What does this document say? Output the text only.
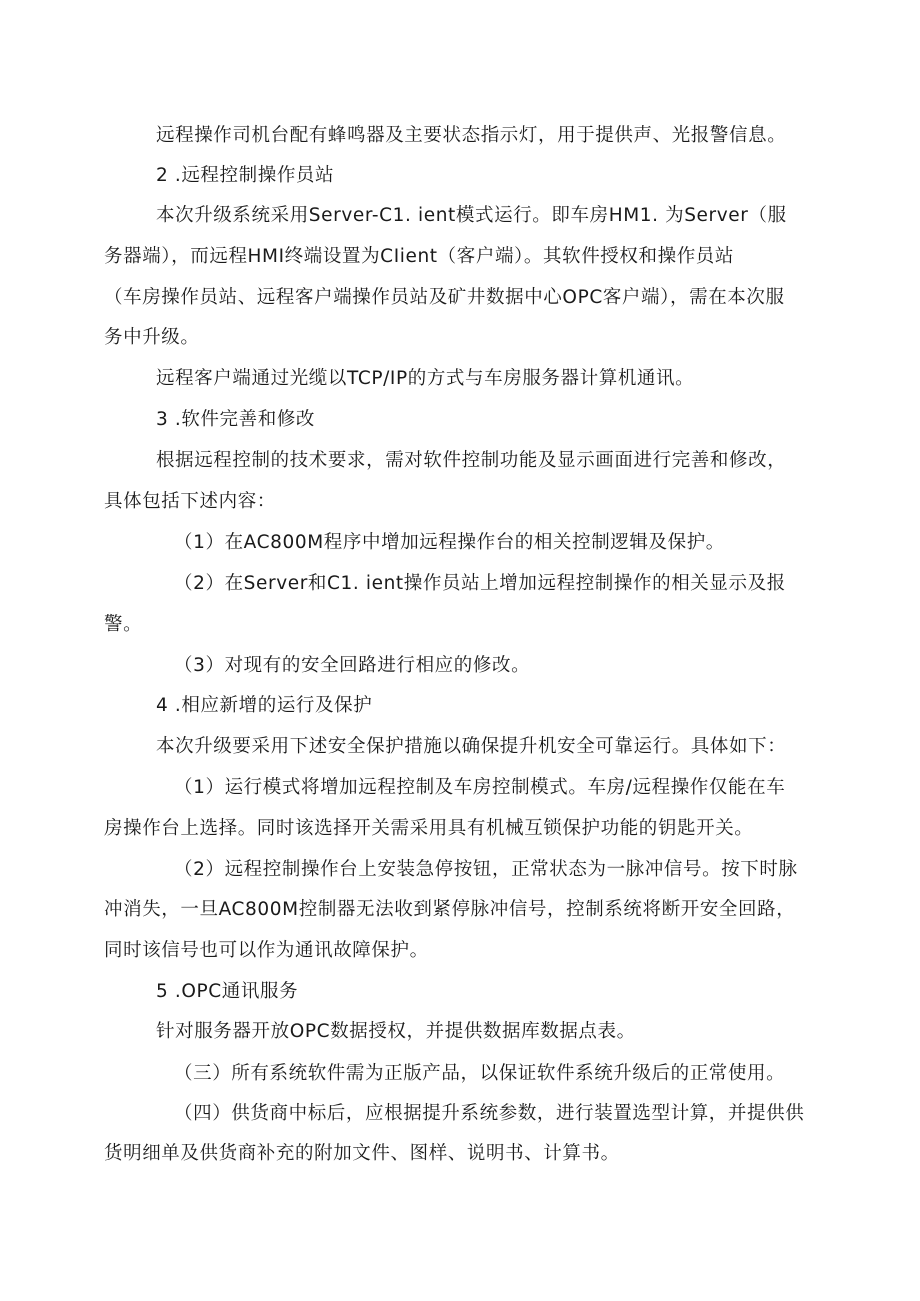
远程操作司机台配有蜂鸣器及主要状态指示灯，用于提供声、光报警信息。
2 .远程控制操作员站
本次升级系统采用Server-C1. ient模式运行。即车房HM1. 为Server（服
务器端），而远程HMI终端设置为CIient（客户端）。其软件授权和操作员站
（车房操作员站、远程客户端操作员站及矿井数据中心OPC客户端），需在本次服
务中升级。
远程客户端通过光缆以TCP/IP的方式与车房服务器计算机通讯。
3 .软件完善和修改
根据远程控制的技术要求，需对软件控制功能及显示画面进行完善和修改，
具体包括下述内容：
（1）在AC800M程序中增加远程操作台的相关控制逻辑及保护。
（2）在Server和C1. ient操作员站上增加远程控制操作的相关显示及报
警。
（3）对现有的安全回路进行相应的修改。
4 .相应新增的运行及保护
本次升级要采用下述安全保护措施以确保提升机安全可靠运行。具体如下：
（1）运行模式将增加远程控制及车房控制模式。车房/远程操作仅能在车
房操作台上选择。同时该选择开关需采用具有机械互锁保护功能的钥匙开关。
（2）远程控制操作台上安装急停按钮，正常状态为一脉冲信号。按下时脉
冲消失，一旦AC800M控制器无法收到紧停脉冲信号，控制系统将断开安全回路，
同时该信号也可以作为通讯故障保护。
5 .OPC通讯服务
针对服务器开放OPC数据授权，并提供数据库数据点表。
（三）所有系统软件需为正版产品，以保证软件系统升级后的正常使用。
（四）供货商中标后，应根据提升系统参数，进行装置选型计算，并提供供
货明细单及供货商补充的附加文件、图样、说明书、计算书。
